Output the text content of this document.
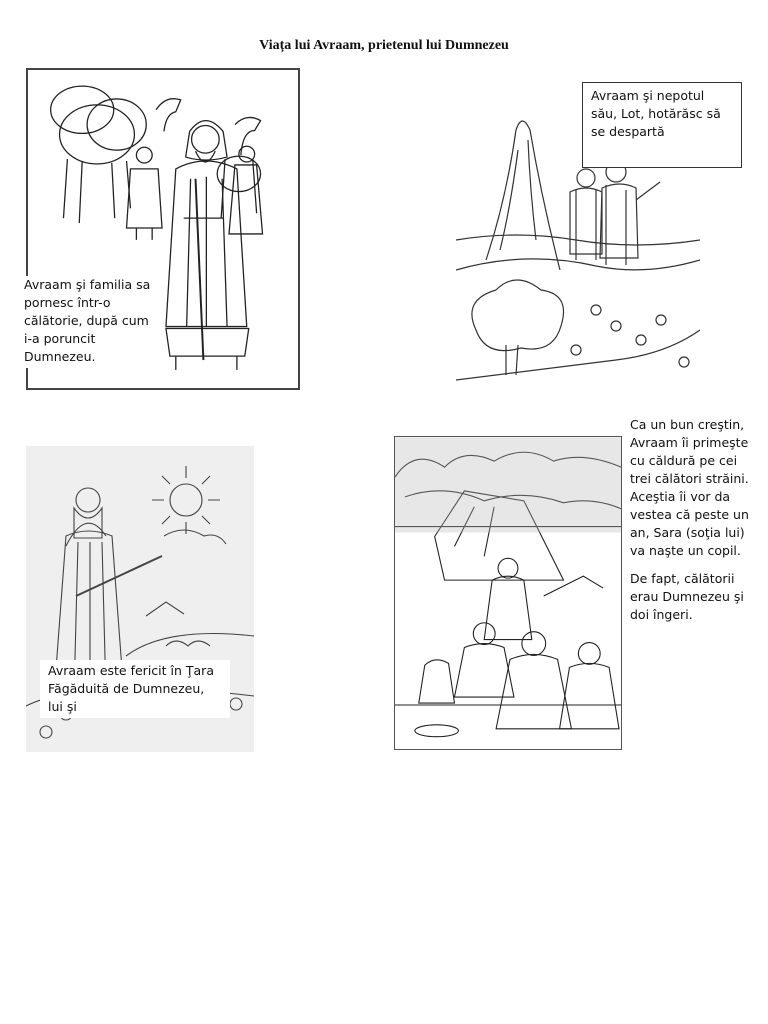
Viața lui Avraam, prietenul lui Dumnezeu
Avraam şi familia sa pornesc într-o călătorie, după cum i-a poruncit Dumnezeu.
Avraam şi nepotul său, Lot, hotărăsc să se despartă
Avraam este fericit în Ţara Făgăduită de Dumnezeu, lui şi

Ca un bun creştin, Avraam îi primeşte cu căldură pe cei trei călători străini. Aceştia îi vor da vestea că peste un an, Sara (soţia lui) va naşte un copil.

De fapt, călătorii erau Dumnezeu şi doi îngeri.
